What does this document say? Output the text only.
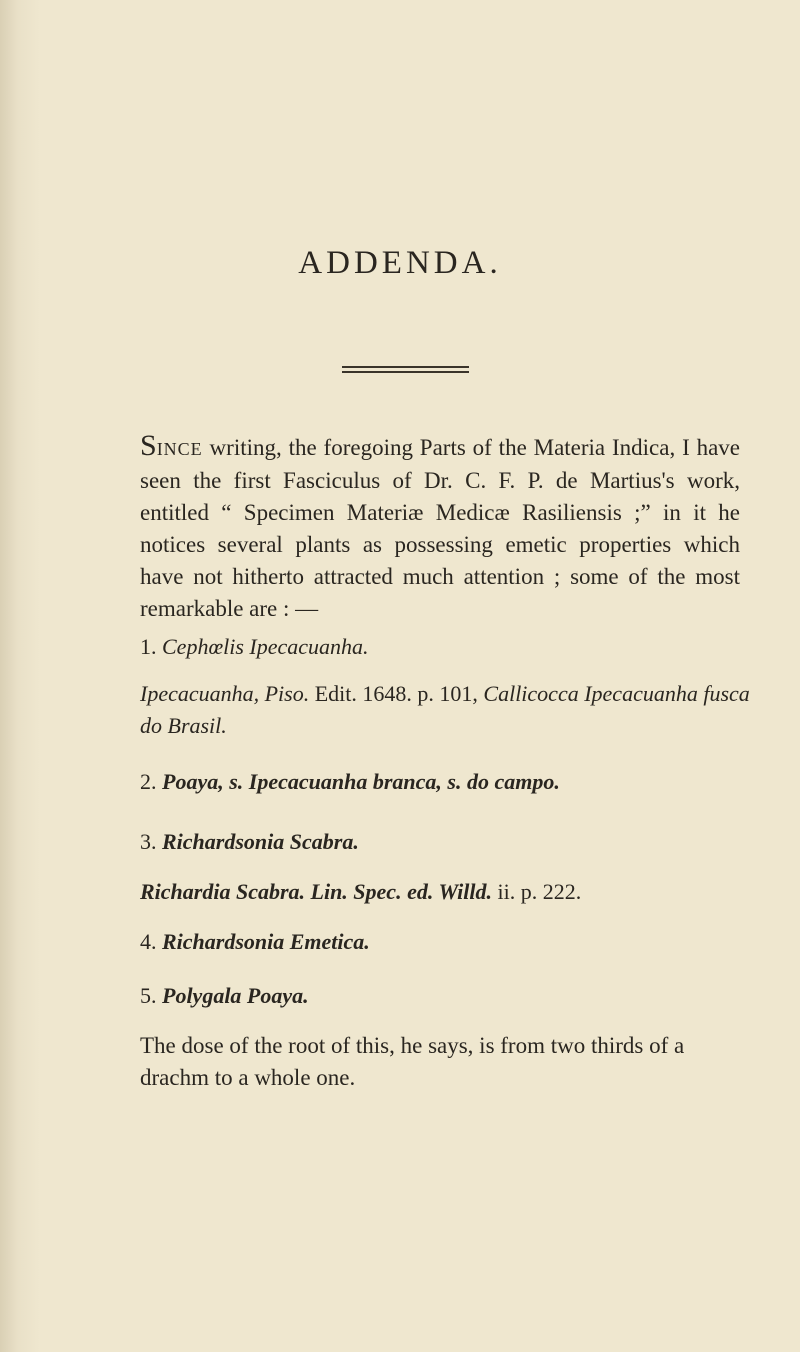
ADDENDA.
SINCE writing, the foregoing Parts of the Materia Indica, I have seen the first Fasciculus of Dr. C. F. P. de Martius's work, entitled “ Specimen Materiæ Medicæ Rasiliensis ;” in it he notices several plants as possessing emetic properties which have not hitherto attracted much attention ; some of the most remarkable are : —
1. Cephœlis Ipecacuanha.
Ipecacuanha, Piso. Edit. 1648. p. 101, Callicocca Ipecacuanha fusca do Brasil.
2. Poaya, s. Ipecacuanha branca, s. do campo.
3. Richardsonia Scabra.
Richardia Scabra. Lin. Spec. ed. Willd. ii. p. 222.
4. Richardsonia Emetica.
5. Polygala Poaya.
The dose of the root of this, he says, is from two thirds of a drachm to a whole one.
